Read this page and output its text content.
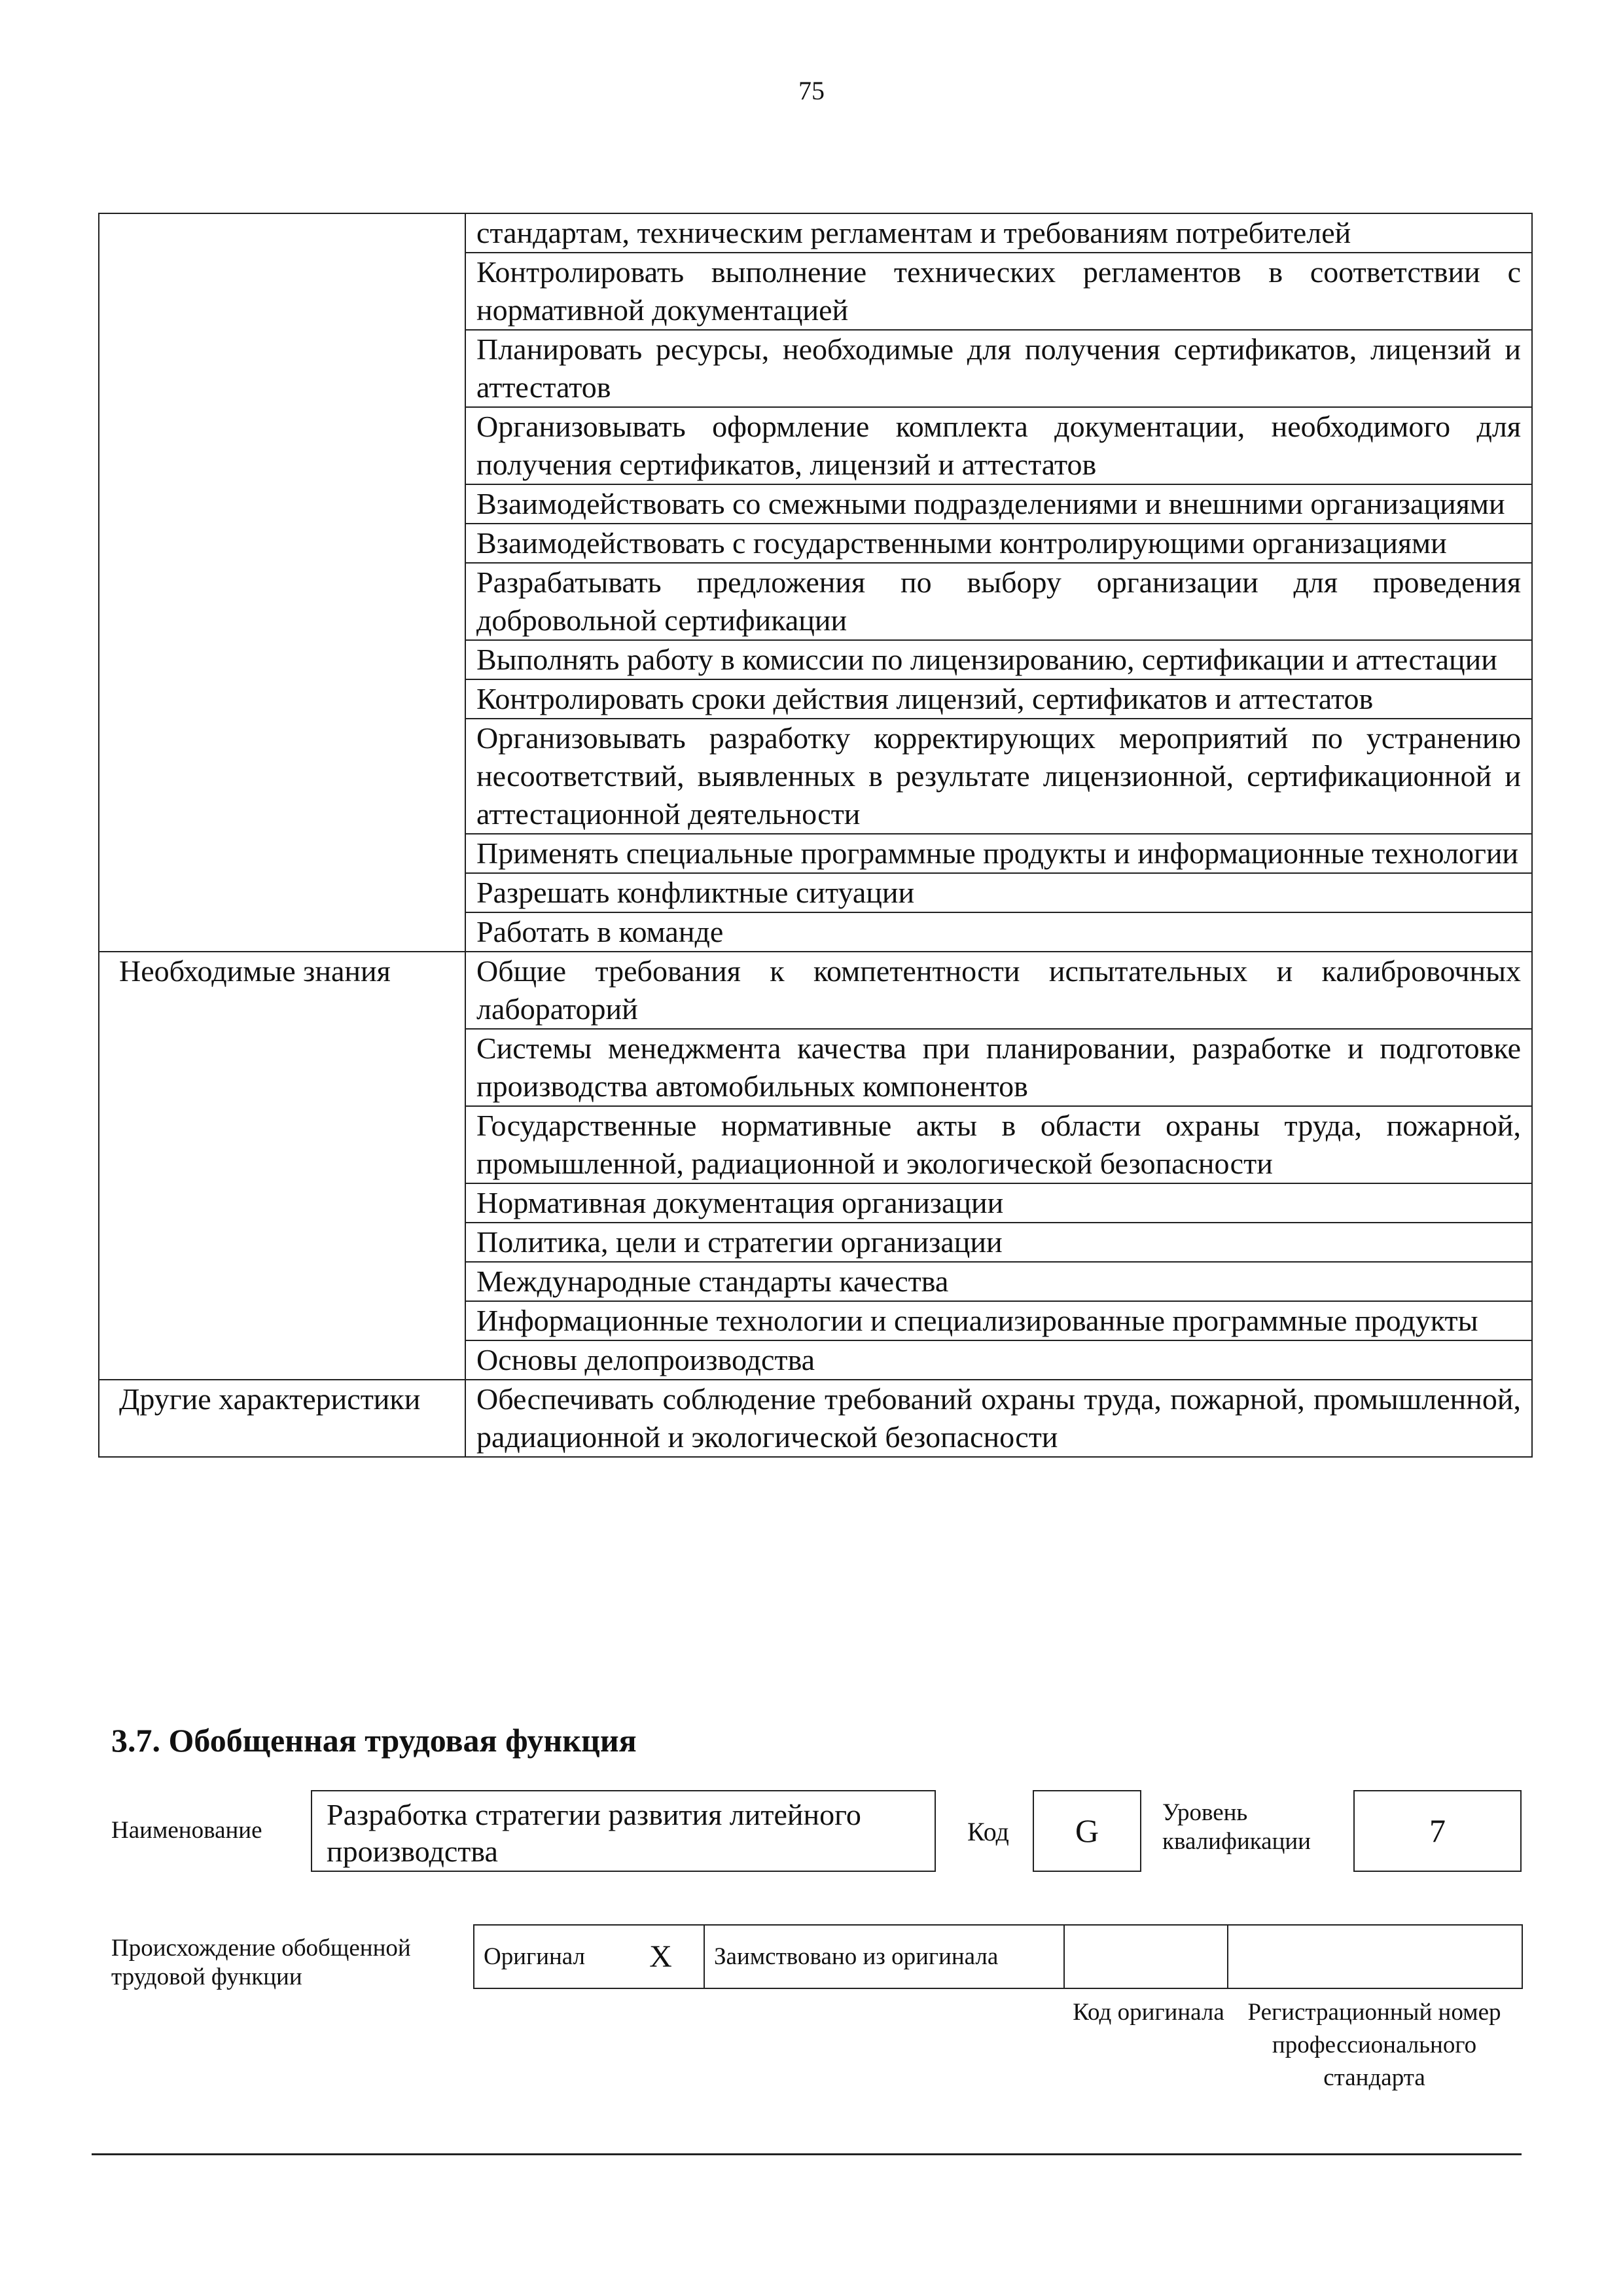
75
	стандартам, техническим регламентам и требованиям потребителей
	Контролировать выполнение технических регламентов в соответствии с нормативной документацией
	Планировать ресурсы, необходимые для получения сертификатов, лицензий и аттестатов
	Организовывать оформление комплекта документации, необходимого для получения сертификатов, лицензий и аттестатов
	Взаимодействовать со смежными подразделениями и внешними организациями
	Взаимодействовать с государственными контролирующими организациями
	Разрабатывать предложения по выбору организации для проведения добровольной сертификации
	Выполнять работу в комиссии по лицензированию, сертификации и аттестации
	Контролировать сроки действия лицензий, сертификатов и аттестатов
	Организовывать разработку корректирующих мероприятий по устранению несоответствий, выявленных в результате лицензионной, сертификационной и аттестационной деятельности
	Применять специальные программные продукты и информационные технологии
	Разрешать конфликтные ситуации
	Работать в команде
Необходимые знания	Общие требования к компетентности испытательных и калибровочных лабораторий
	Системы менеджмента качества при планировании, разработке и подготовке производства автомобильных компонентов
	Государственные нормативные акты в области охраны труда, пожарной, промышленной, радиационной и экологической безопасности
	Нормативная документация организации
	Политика, цели и стратегии организации
	Международные стандарты качества
	Информационные технологии и специализированные программные продукты
	Основы делопроизводства
Другие характеристики	Обеспечивать соблюдение требований охраны труда, пожарной, промышленной, радиационной и экологической безопасности
3.7. Обобщенная трудовая функция
Наименование	Разработка стратегии развития литейного производства
Код	G	Уровень квалификации	7
Происхождение обобщенной трудовой функции
Оригинал	X	Заимствовано из оригинала		
Код оригинала Регистрационный номер профессионального стандарта
